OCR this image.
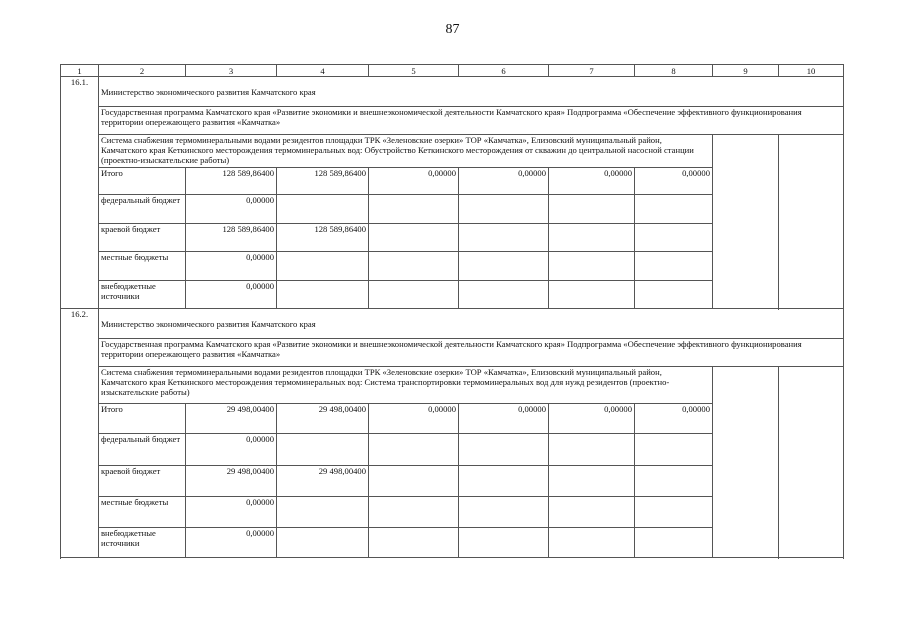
87
1	2	3	4	5	6	7	8	9	10
16.1.	Министерство экономического развития Камчатского края								
	Государственная программа Камчатского края «Развитие экономики и внешнеэкономической деятельности Камчатского края» Подпрограмма «Обеспечение эффективного функционирования территории опережающего развития «Камчатка»								
	Система снабжения термоминеральными водами резидентов площадки ТРК «Зеленовские озерки» ТОР «Камчатка», Елизовский муниципальный район, Камчатского края Кеткинского месторождения термоминеральных вод: Обустройство Кеткинского месторождения от скважин до центральной насосной станции (проектно-изыскательские работы)								
	Итого	128 589,86400	128 589,86400	0,00000	0,00000	0,00000	0,00000		
	федеральный бюджет	0,00000							
	краевой бюджет	128 589,86400	128 589,86400						
	местные бюджеты	0,00000							
	внебюджетные источники	0,00000							

16.2.	Министерство экономического развития Камчатского края								
	Государственная программа Камчатского края «Развитие экономики и внешнеэкономической деятельности Камчатского края» Подпрограмма «Обеспечение эффективного функционирования территории опережающего развития «Камчатка»								
	Система снабжения термоминеральными водами резидентов площадки ТРК «Зеленовские озерки» ТОР «Камчатка», Елизовский муниципальный район, Камчатского края Кеткинского месторождения термоминеральных вод: Система транспортировки термоминеральных вод для нужд резидентов (проектно-изыскательские работы)								
	Итого	29 498,00400	29 498,00400	0,00000	0,00000	0,00000	0,00000		
	федеральный бюджет	0,00000							
	краевой бюджет	29 498,00400	29 498,00400						
	местные бюджеты	0,00000							
	внебюджетные источники	0,00000							
